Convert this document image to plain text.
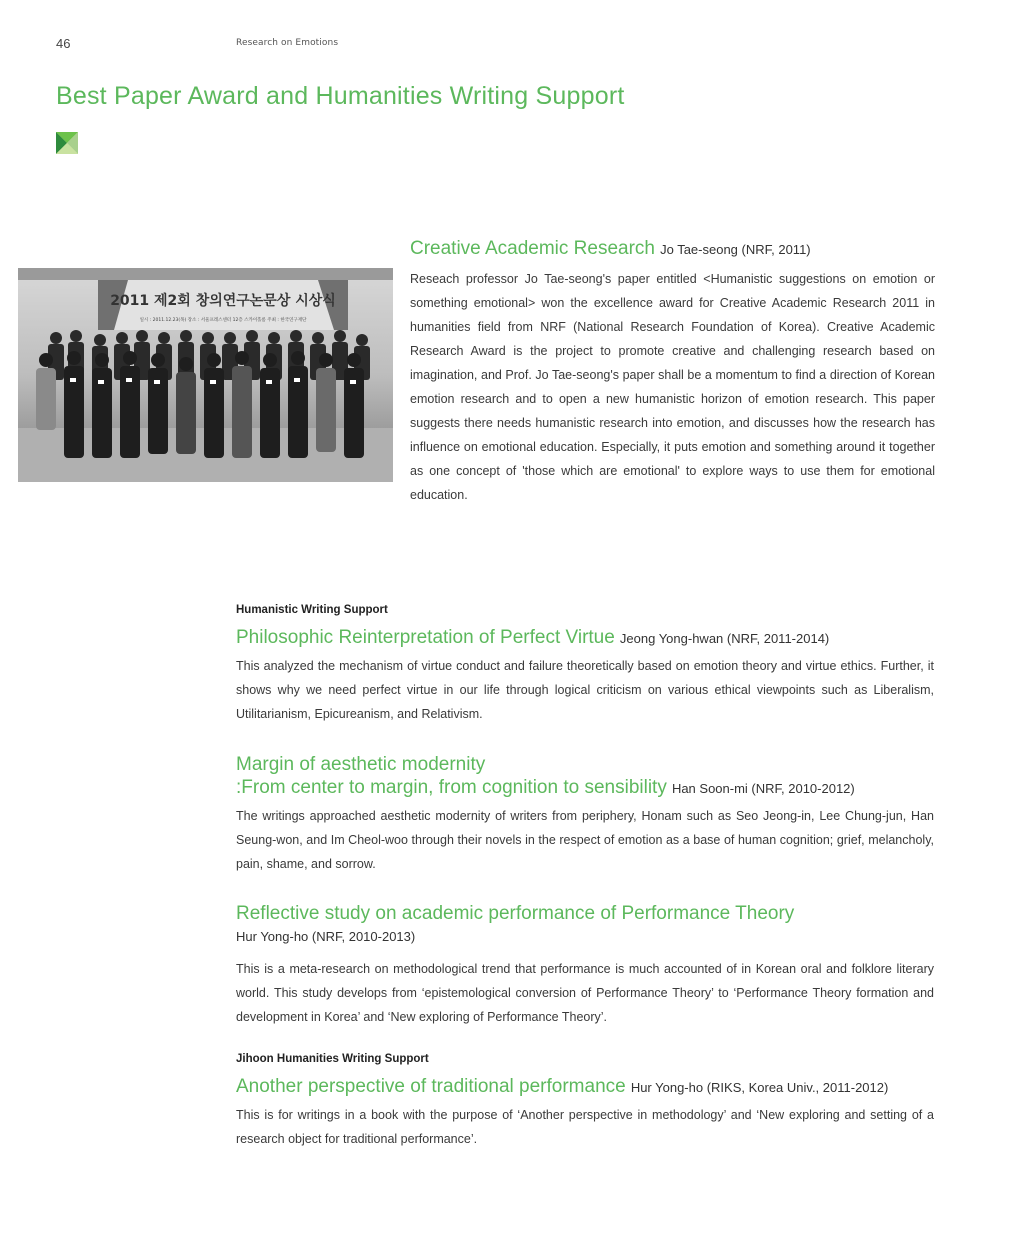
46	Research on Emotions
Best Paper Award and Humanities Writing Support
2011 제2회 창의연구논문상 시상식
일시 : 2011.12.23(목) 장소 : 서울프레스센터 12층 스카이홀룸 주최 : 한국연구재단

Creative Academic Research Jo Tae-seong (NRF, 2011)

Reseach professor Jo Tae-seong's paper entitled <Humanistic suggestions on emotion or something emotional> won the excellence award for Creative Academic Research 2011 in humanities field from NRF (National Research Foundation of Korea). Creative Academic Research Award is the project to promote creative and challenging research based on imagination, and Prof. Jo Tae-seong's paper shall be a momentum to find a direction of Korean emotion research and to open a new humanistic horizon of emotion research. This paper suggests there needs humanistic research into emotion, and discusses how the research has influence on emotional education. Especially, it puts emotion and something around it together as one concept of 'those which are emotional' to explore ways to use them for emotional education.

Humanistic Writing Support

Philosophic Reinterpretation of Perfect Virtue Jeong Yong-hwan (NRF, 2011-2014)

This analyzed the mechanism of virtue conduct and failure theoretically based on emotion theory and virtue ethics. Further, it shows why we need perfect virtue in our life through logical criticism on various ethical viewpoints such as Liberalism, Utilitarianism, Epicureanism, and Relativism.

Margin of aesthetic modernity
:From center to margin, from cognition to sensibility Han Soon-mi (NRF, 2010-2012)

The writings approached aesthetic modernity of writers from periphery, Honam such as Seo Jeong-in, Lee Chung-jun, Han Seung-won, and Im Cheol-woo through their novels in the respect of emotion as a base of human cognition; grief, melancholy, pain, shame, and sorrow.

Reflective study on academic performance of Performance Theory
Hur Yong-ho (NRF, 2010-2013)

This is a meta-research on methodological trend that performance is much accounted of in Korean oral and folklore literary world. This study develops from ‘epistemological conversion of Performance Theory’ to ‘Performance Theory formation and development in Korea’ and ‘New exploring of Performance Theory’.

Jihoon Humanities Writing Support

Another perspective of traditional performance Hur Yong-ho (RIKS, Korea Univ., 2011-2012)

This is for writings in a book with the purpose of ‘Another perspective in methodology’ and ‘New exploring and setting of a research object for traditional performance’.
